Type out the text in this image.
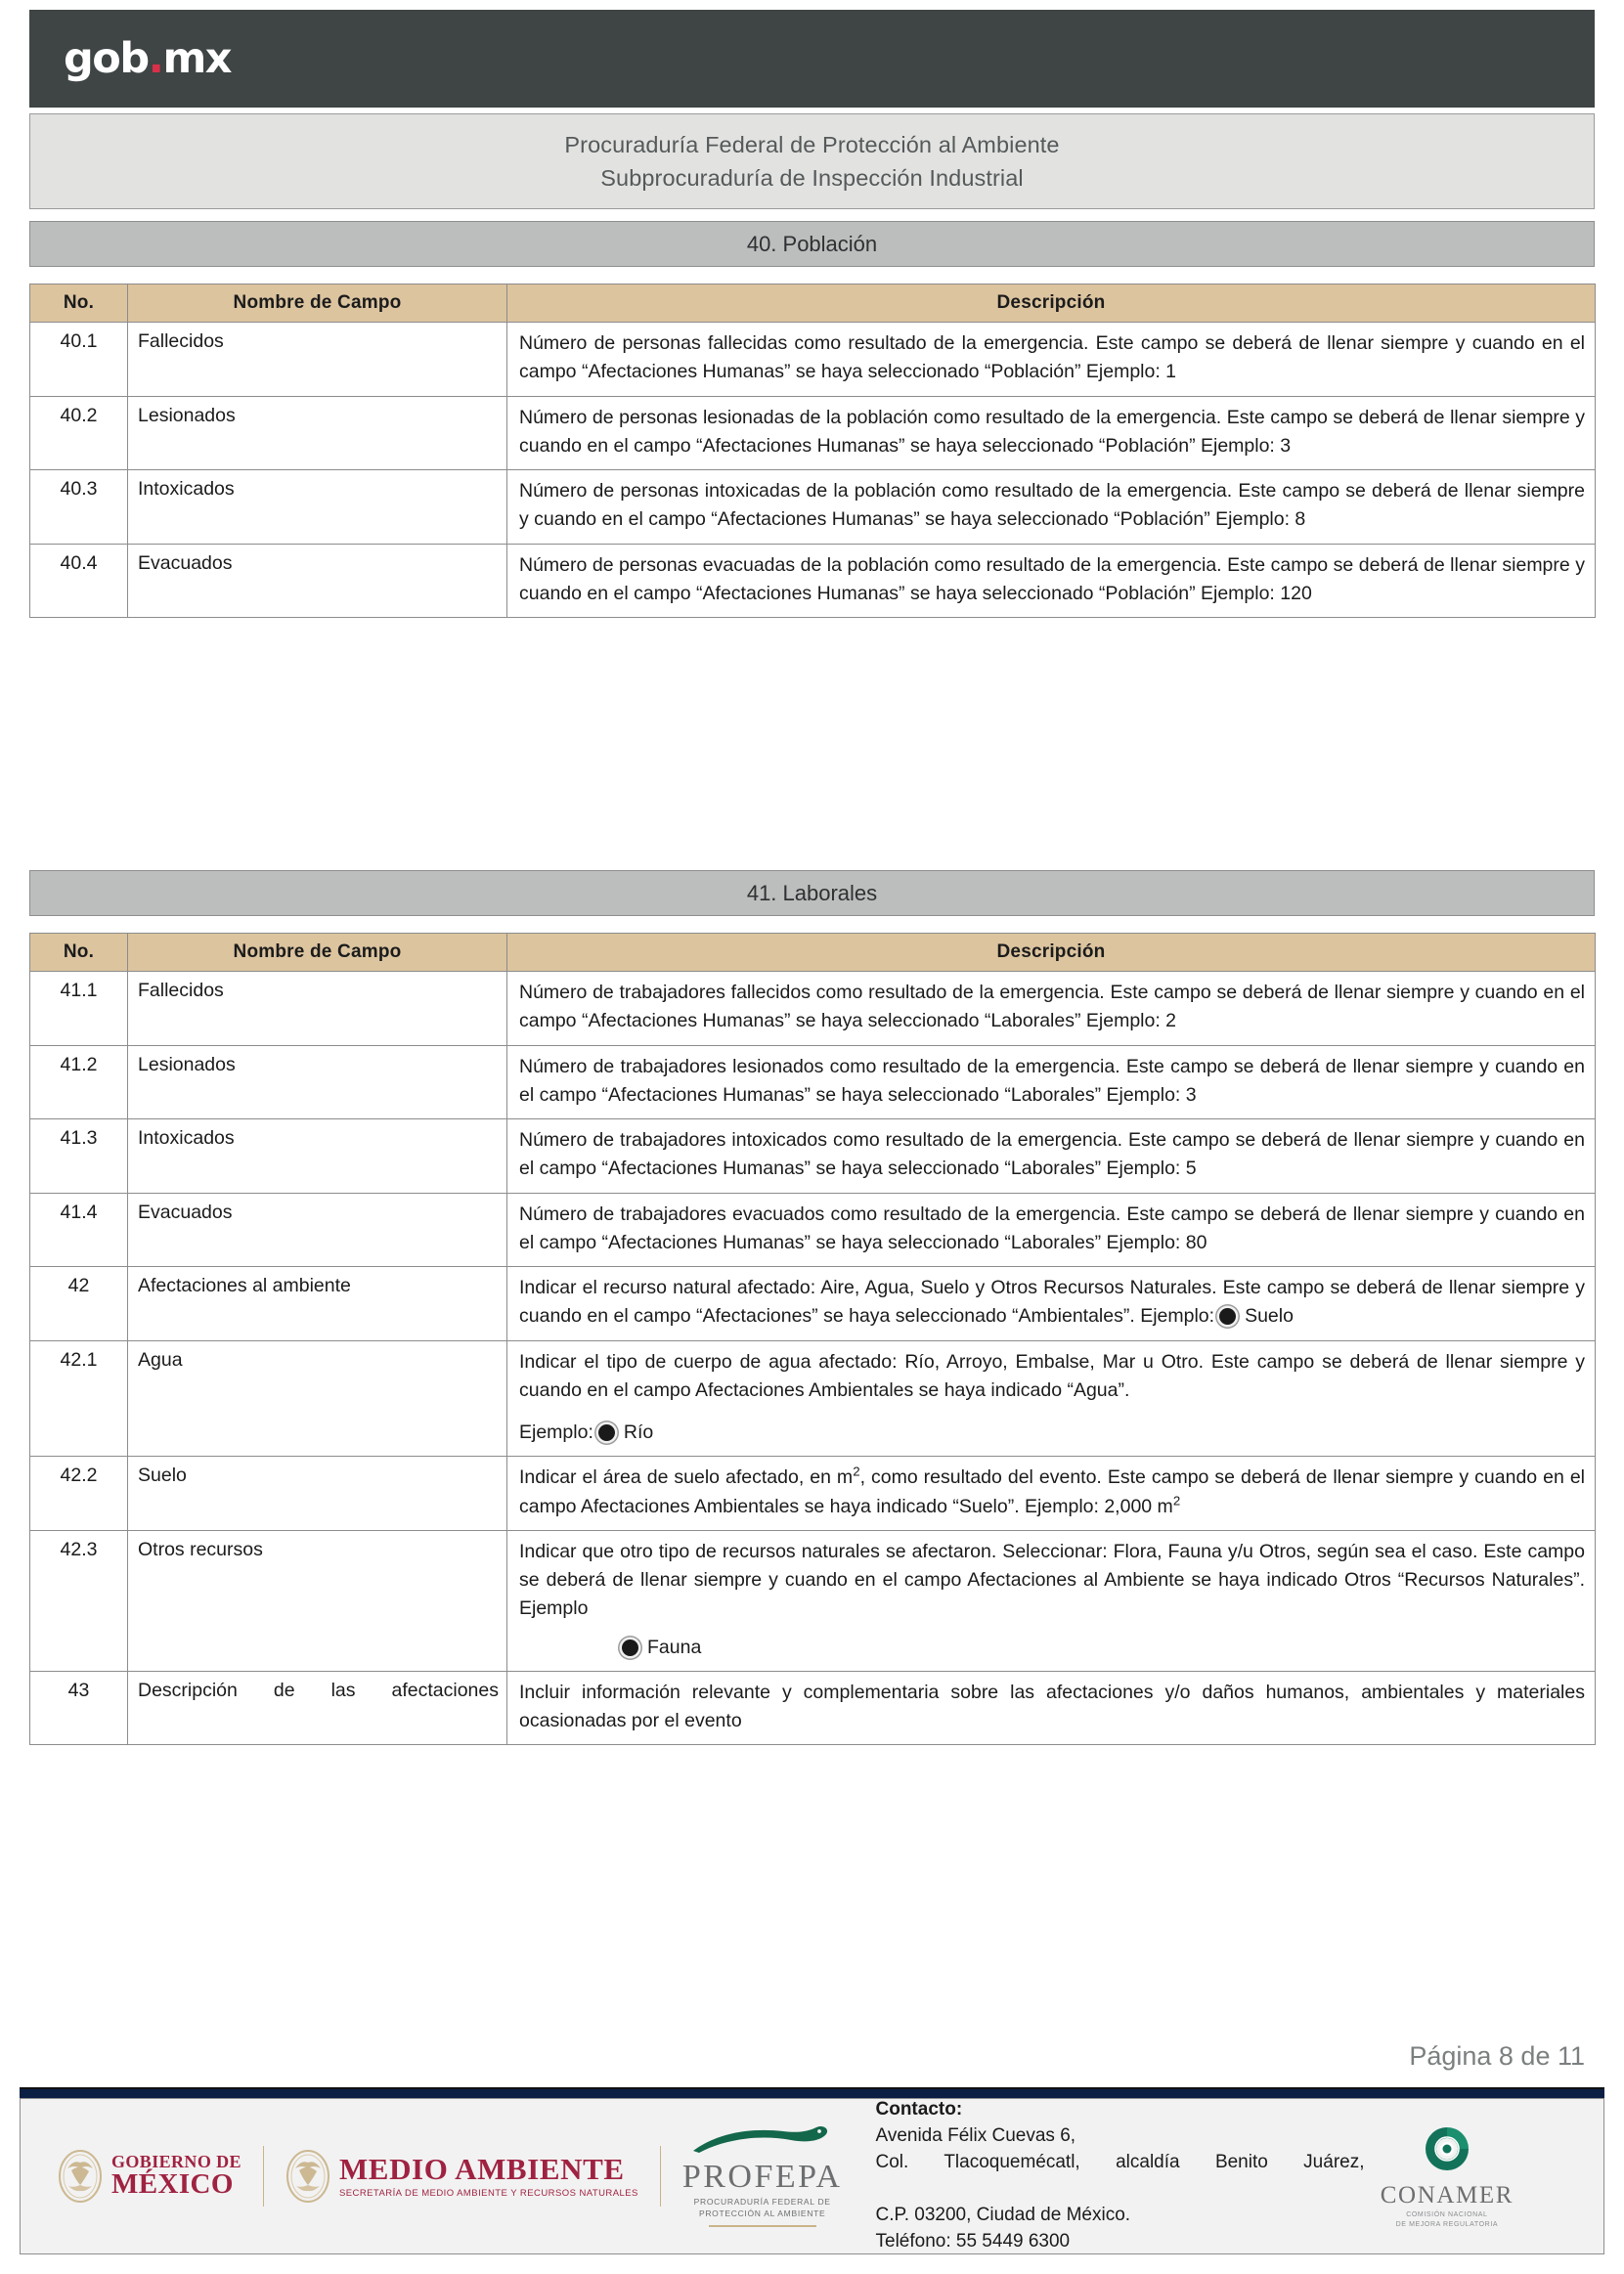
gob.mx
Procuraduría Federal de Protección al Ambiente
Subprocuraduría de Inspección Industrial
40. Población
No.	Nombre de Campo	Descripción
40.1	Fallecidos	Número de personas fallecidas como resultado de la emergencia. Este campo se deberá de llenar siempre y cuando en el campo “Afectaciones Humanas” se haya seleccionado “Población” Ejemplo: 1
40.2	Lesionados	Número de personas lesionadas de la población como resultado de la emergencia. Este campo se deberá de llenar siempre y cuando en el campo “Afectaciones Humanas” se haya seleccionado “Población” Ejemplo: 3
40.3	Intoxicados	Número de personas intoxicadas de la población como resultado de la emergencia. Este campo se deberá de llenar siempre y cuando en el campo “Afectaciones Humanas” se haya seleccionado “Población” Ejemplo: 8
40.4	Evacuados	Número de personas evacuadas de la población como resultado de la emergencia. Este campo se deberá de llenar siempre y cuando en el campo “Afectaciones Humanas” se haya seleccionado “Población” Ejemplo: 120
41. Laborales
No.	Nombre de Campo	Descripción
41.1	Fallecidos	Número de trabajadores fallecidos como resultado de la emergencia. Este campo se deberá de llenar siempre y cuando en el campo “Afectaciones Humanas” se haya seleccionado “Laborales” Ejemplo: 2
41.2	Lesionados	Número de trabajadores lesionados como resultado de la emergencia. Este campo se deberá de llenar siempre y cuando en el campo “Afectaciones Humanas” se haya seleccionado “Laborales” Ejemplo: 3
41.3	Intoxicados	Número de trabajadores intoxicados como resultado de la emergencia. Este campo se deberá de llenar siempre y cuando en el campo “Afectaciones Humanas” se haya seleccionado “Laborales” Ejemplo: 5
41.4	Evacuados	Número de trabajadores evacuados como resultado de la emergencia. Este campo se deberá de llenar siempre y cuando en el campo “Afectaciones Humanas” se haya seleccionado “Laborales” Ejemplo: 80
42	Afectaciones al ambiente	Indicar el recurso natural afectado: Aire, Agua, Suelo y Otros Recursos Naturales. Este campo se deberá de llenar siempre y cuando en el campo “Afectaciones” se haya seleccionado “Ambientales”. Ejemplo: Suelo
42.1	Agua	Indicar el tipo de cuerpo de agua afectado: Río, Arroyo, Embalse, Mar u Otro. Este campo se deberá de llenar siempre y cuando en el campo Afectaciones Ambientales se haya indicado “Agua”.
Ejemplo: Río

42.2	Suelo	Indicar el área de suelo afectado, en $m^2$, como resultado del evento. Este campo se deberá de llenar siempre y cuando en el campo Afectaciones Ambientales se haya indicado “Suelo”. Ejemplo: 2,000 $m^2$
42.3	Otros recursos	Indicar que otro tipo de recursos naturales se afectaron. Seleccionar: Flora, Fauna y/u Otros, según sea el caso. Este campo se deberá de llenar siempre y cuando en el campo Afectaciones al Ambiente se haya indicado Otros “Recursos Naturales”. Ejemplo
Fauna

43	Descripción de las afectaciones	Incluir información relevante y complementaria sobre las afectaciones y/o daños humanos, ambientales y materiales ocasionadas por el evento
Página 8 de 11
GOBIERNO DE
MÉXICO	MEDIO AMBIENTE
SECRETARÍA DE MEDIO AMBIENTE Y RECURSOS NATURALES PROFEPA
PROCURADURÍA FEDERAL DE
PROTECCIÓN AL AMBIENTE
Contacto:
Avenida Félix Cuevas 6,
Col. Tlacoquemécatl, alcaldía Benito Juárez,
C.P. 03200, Ciudad de México.
Teléfono: 55 5449 6300
CONAMER
COMISIÓN NACIONAL
DE MEJORA REGULATORIA
